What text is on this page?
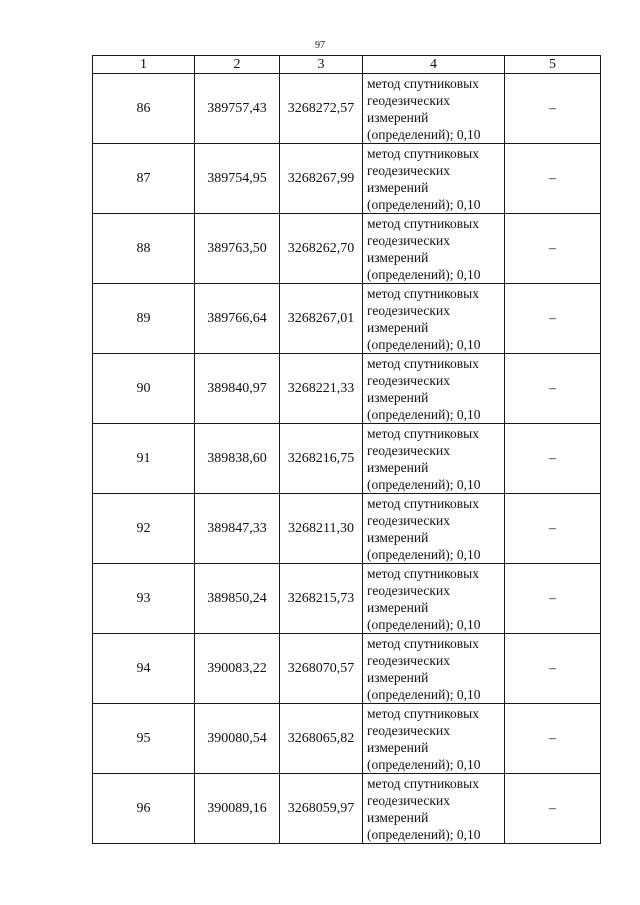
97
1	2	3	4	5
86	389757,43	3268272,57	метод спутниковых
геодезических
измерений
(определений); 0,10	–
87	389754,95	3268267,99	метод спутниковых
геодезических
измерений
(определений); 0,10	–
88	389763,50	3268262,70	метод спутниковых
геодезических
измерений
(определений); 0,10	–
89	389766,64	3268267,01	метод спутниковых
геодезических
измерений
(определений); 0,10	–
90	389840,97	3268221,33	метод спутниковых
геодезических
измерений
(определений); 0,10	–
91	389838,60	3268216,75	метод спутниковых
геодезических
измерений
(определений); 0,10	–
92	389847,33	3268211,30	метод спутниковых
геодезических
измерений
(определений); 0,10	–
93	389850,24	3268215,73	метод спутниковых
геодезических
измерений
(определений); 0,10	–
94	390083,22	3268070,57	метод спутниковых
геодезических
измерений
(определений); 0,10	–
95	390080,54	3268065,82	метод спутниковых
геодезических
измерений
(определений); 0,10	–
96	390089,16	3268059,97	метод спутниковых
геодезических
измерений
(определений); 0,10	–
